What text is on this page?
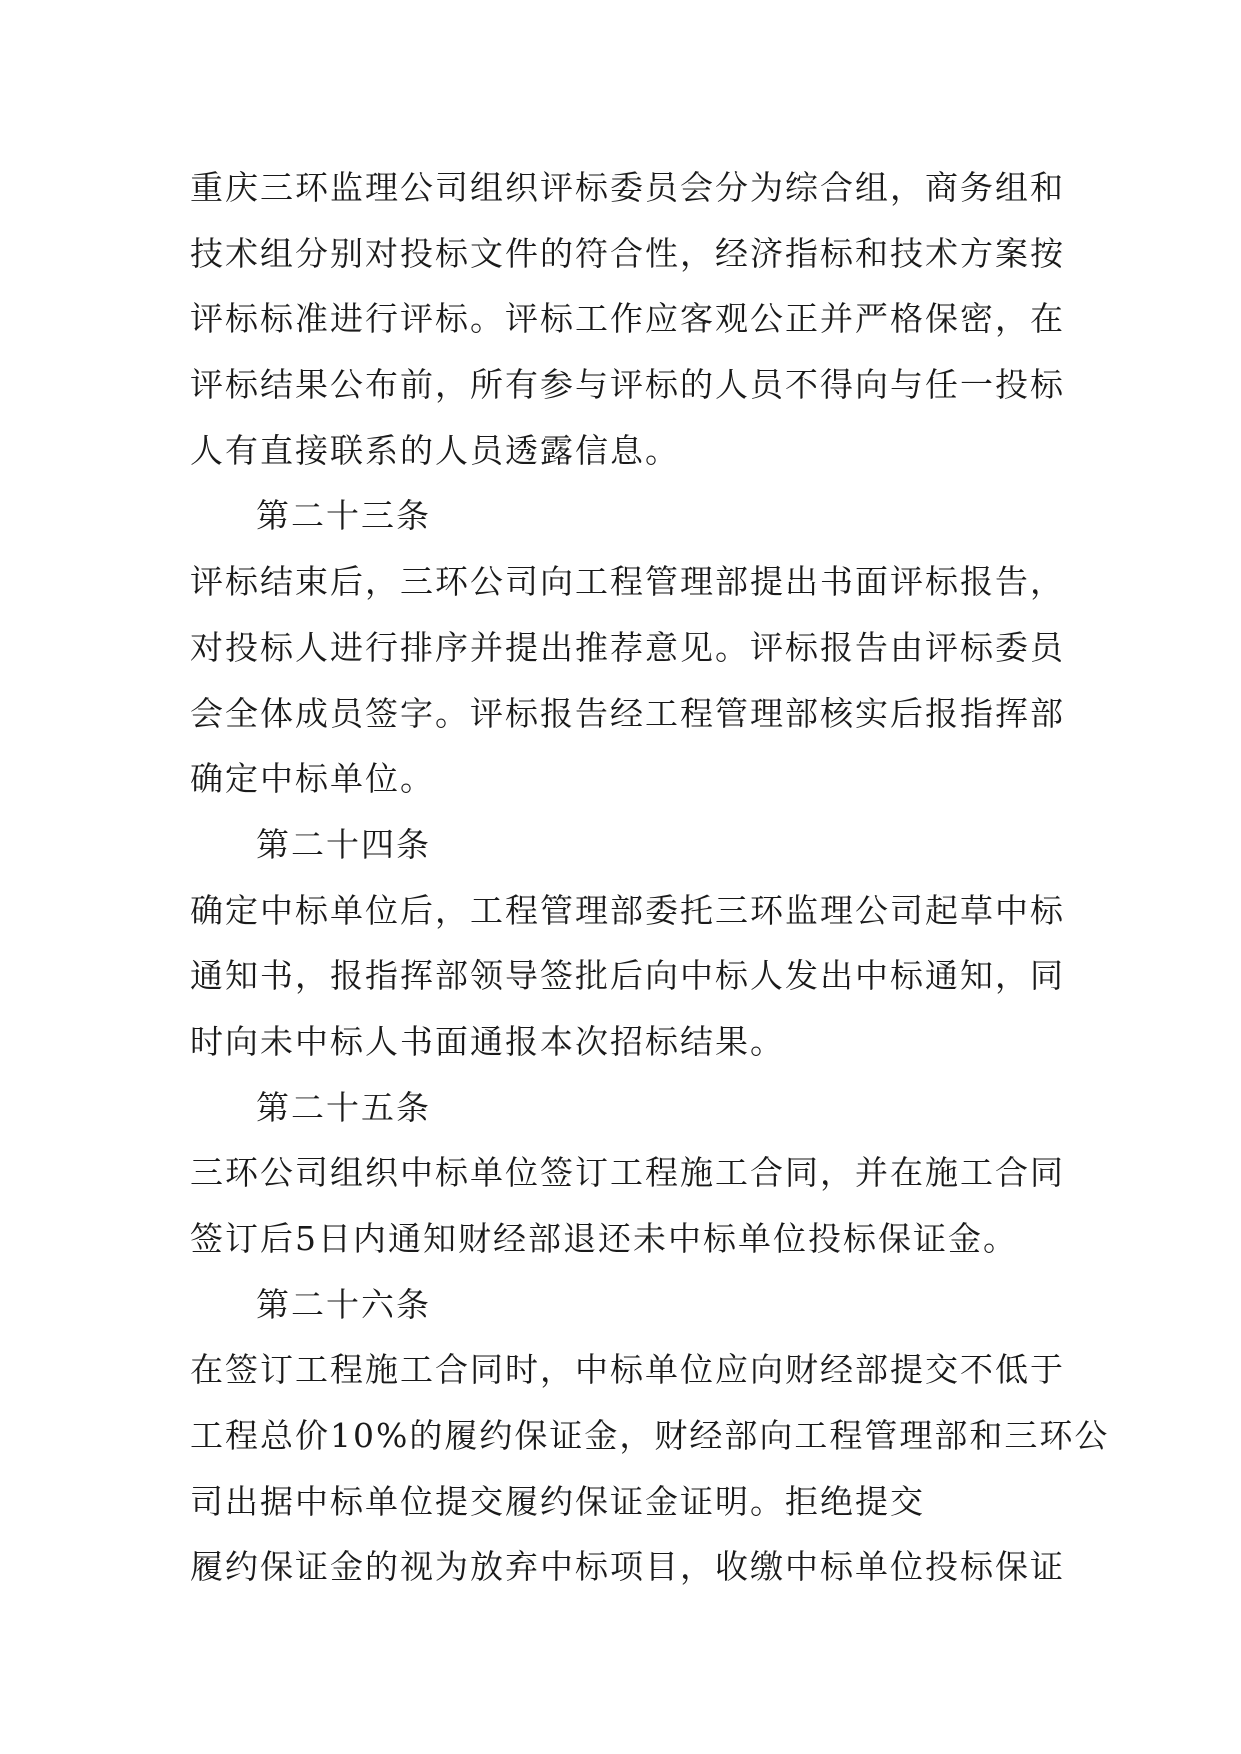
重庆三环监理公司组织评标委员会分为综合组，商务组和
技术组分别对投标文件的符合性，经济指标和技术方案按
评标标准进行评标。评标工作应客观公正并严格保密，在
评标结果公布前，所有参与评标的人员不得向与任一投标
人有直接联系的人员透露信息。
第二十三条
评标结束后，三环公司向工程管理部提出书面评标报告，
对投标人进行排序并提出推荐意见。评标报告由评标委员
会全体成员签字。评标报告经工程管理部核实后报指挥部
确定中标单位。
第二十四条
确定中标单位后，工程管理部委托三环监理公司起草中标
通知书，报指挥部领导签批后向中标人发出中标通知，同
时向未中标人书面通报本次招标结果。
第二十五条
三环公司组织中标单位签订工程施工合同，并在施工合同
签订后5日内通知财经部退还未中标单位投标保证金。
第二十六条
在签订工程施工合同时，中标单位应向财经部提交不低于
工程总价10%的履约保证金，财经部向工程管理部和三环公
司出据中标单位提交履约保证金证明。拒绝提交
履约保证金的视为放弃中标项目，收缴中标单位投标保证
